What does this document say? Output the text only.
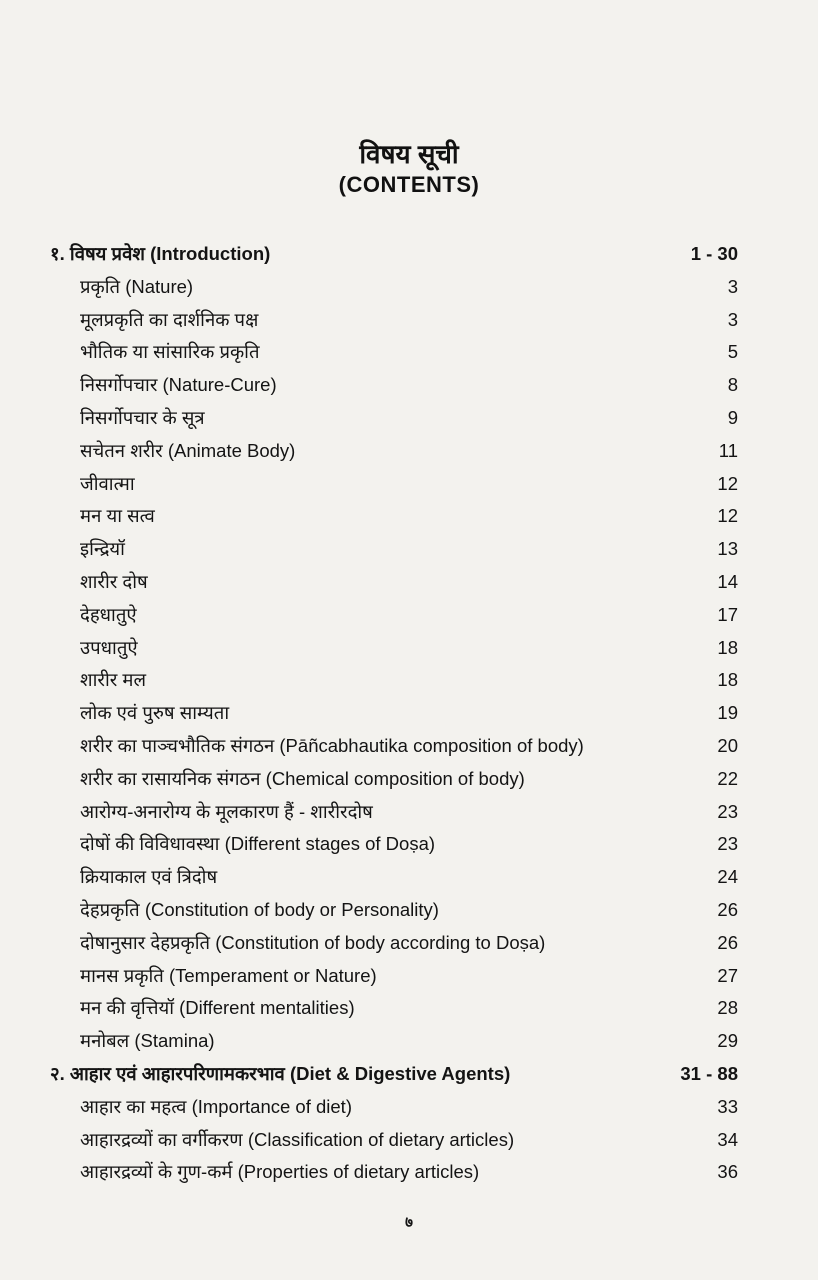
विषय सूची
(CONTENTS)
१. विषय प्रवेश (Introduction)	1 - 30
प्रकृति (Nature)	3
मूलप्रकृति का दार्शनिक पक्ष	3
भौतिक या सांसारिक प्रकृति	5
निसर्गोपचार (Nature-Cure)	8
निसर्गोपचार के सूत्र	9
सचेतन शरीर (Animate Body)	11
जीवात्मा	12
मन या सत्व	12
इन्द्रियॉ	13
शारीर दोष	14
देहधातुऐ	17
उपधातुऐ	18
शारीर मल	18
लोक एवं पुरुष साम्यता	19
शरीर का पाञ्चभौतिक संगठन (Pāñcabhautika composition of body)	20
शरीर का रासायनिक संगठन (Chemical composition of body)	22
आरोग्य-अनारोग्य के मूलकारण हैं - शारीरदोष	23
दोषों की विविधावस्था (Different stages of Doṣa)	23
क्रियाकाल एवं त्रिदोष	24
देहप्रकृति (Constitution of body or Personality)	26
दोषानुसार देहप्रकृति (Constitution of body according to Doṣa)	26
मानस प्रकृति (Temperament or Nature)	27
मन की वृत्तियॉ (Different mentalities)	28
मनोबल (Stamina)	29
२. आहार एवं आहारपरिणामकरभाव (Diet & Digestive Agents)	31 - 88
आहार का महत्व (Importance of diet)	33
आहारद्रव्यों का वर्गीकरण (Classification of dietary articles)	34
आहारद्रव्यों के गुण-कर्म (Properties of dietary articles)	36
७
